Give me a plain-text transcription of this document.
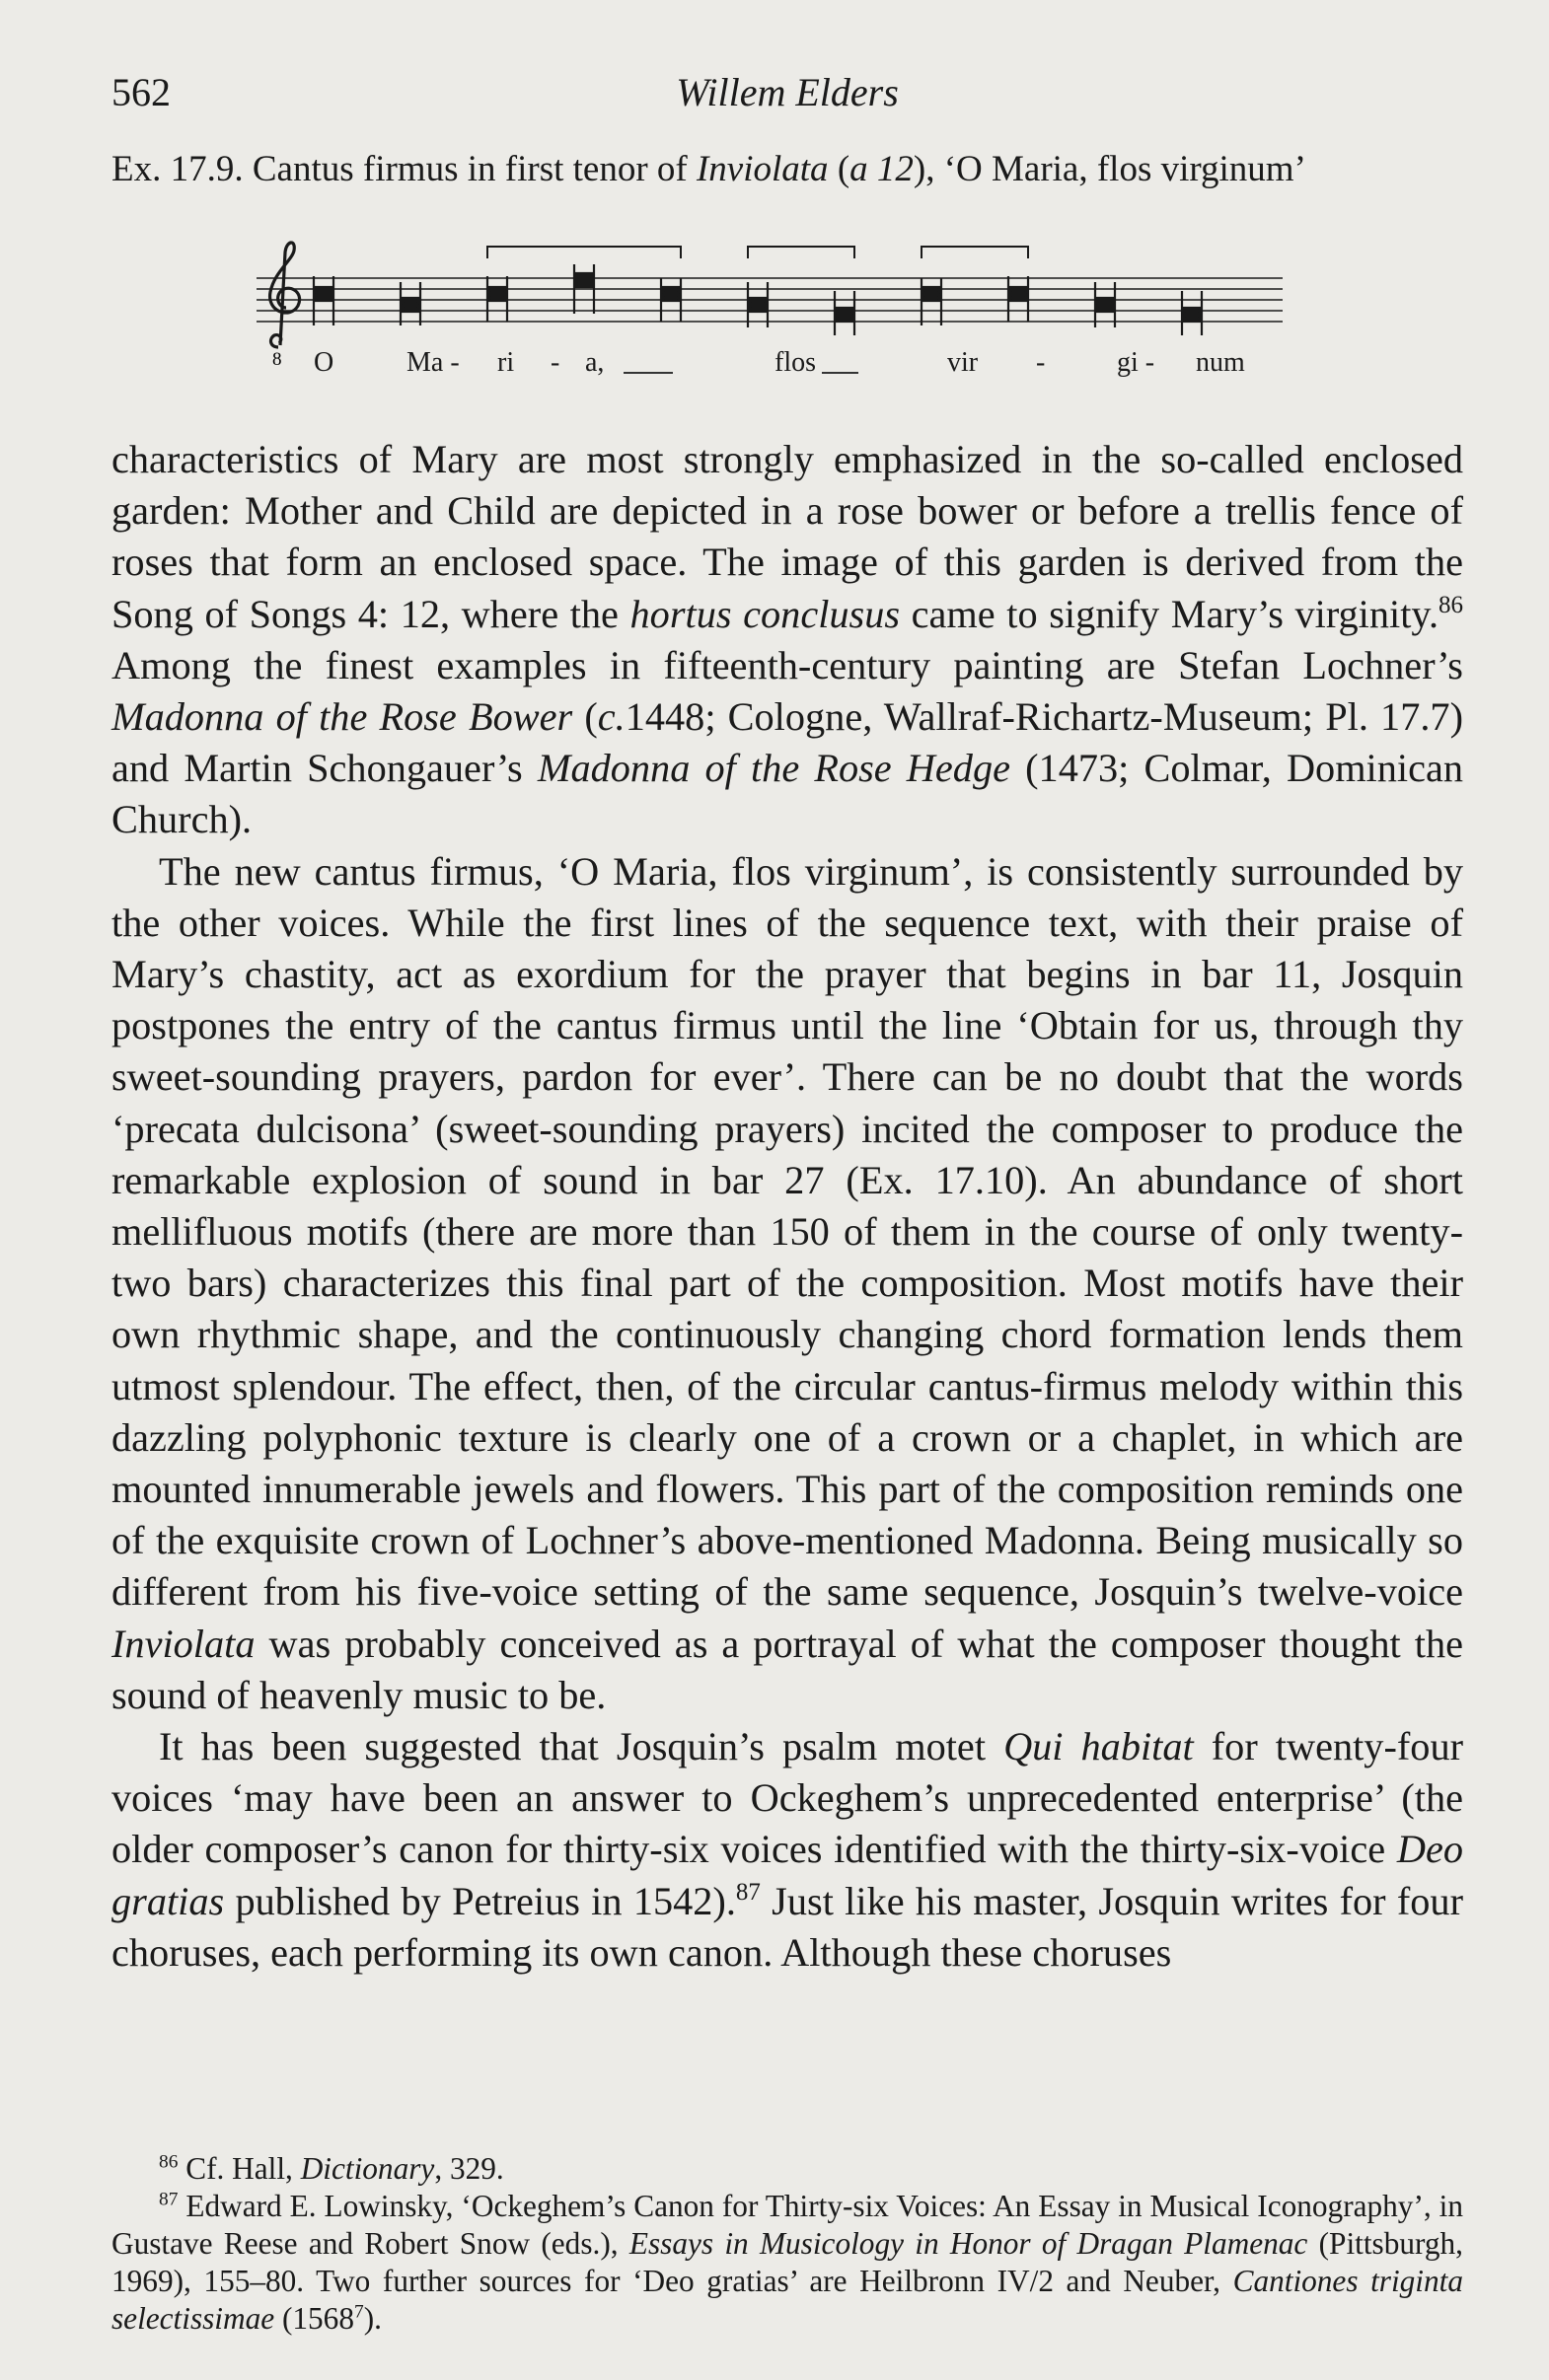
562	Willem Elders
Ex. 17.9. Cantus firmus in first tenor of Inviolata (a 12), ‘O Maria, flos virginum’
8 O	Ma - ri - a,	flos	vir -	gi - num

characteristics of Mary are most strongly emphasized in the so-called enclosed garden: Mother and Child are depicted in a rose bower or before a trellis fence of roses that form an enclosed space. The image of this garden is derived from the Song of Songs 4: 12, where the hortus conclusus came to signify Mary’s virginity.$^{86}$ Among the finest examples in fifteenth-century painting are Stefan Lochner’s Madonna of the Rose Bower (c.1448; Cologne, Wallraf-Richartz-Museum; Pl. 17.7) and Martin Schongauer’s Madonna of the Rose Hedge (1473; Colmar, Dominican Church).

The new cantus firmus, ‘O Maria, flos virginum’, is consistently surrounded by the other voices. While the first lines of the sequence text, with their praise of Mary’s chastity, act as exordium for the prayer that begins in bar 11, Josquin postpones the entry of the cantus firmus until the line ‘Obtain for us, through thy sweet-sounding prayers, pardon for ever’. There can be no doubt that the words ‘precata dulcisona’ (sweet-sounding prayers) incited the composer to produce the remarkable explosion of sound in bar 27 (Ex. 17.10). An abundance of short mellifluous motifs (there are more than 150 of them in the course of only twenty-two bars) characterizes this final part of the composition. Most motifs have their own rhythmic shape, and the continuously changing chord formation lends them utmost splendour. The effect, then, of the circular cantus-firmus melody within this dazzling polyphonic texture is clearly one of a crown or a chaplet, in which are mounted innumerable jewels and flowers. This part of the composition reminds one of the exquisite crown of Lochner’s above-mentioned Madonna. Being musically so different from his five-voice setting of the same sequence, Josquin’s twelve-voice Inviolata was probably conceived as a portrayal of what the composer thought the sound of heavenly music to be.

It has been suggested that Josquin’s psalm motet Qui habitat for twenty-four voices ‘may have been an answer to Ockeghem’s unprecedented enterprise’ (the older composer’s canon for thirty-six voices identified with the thirty-six-voice Deo gratias published by Petreius in 1542).$^{87}$ Just like his master, Josquin writes for four choruses, each performing its own canon. Although these choruses

$^{86}$ Cf. Hall, Dictionary, 329.

$^{87}$ Edward E. Lowinsky, ‘Ockeghem’s Canon for Thirty-six Voices: An Essay in Musical Iconography’, in Gustave Reese and Robert Snow (eds.), Essays in Musicology in Honor of Dragan Plamenac (Pittsburgh, 1969), 155–80. Two further sources for ‘Deo gratias’ are Heilbronn IV/2 and Neuber, Cantiones triginta selectissimae (1568$^7$).
